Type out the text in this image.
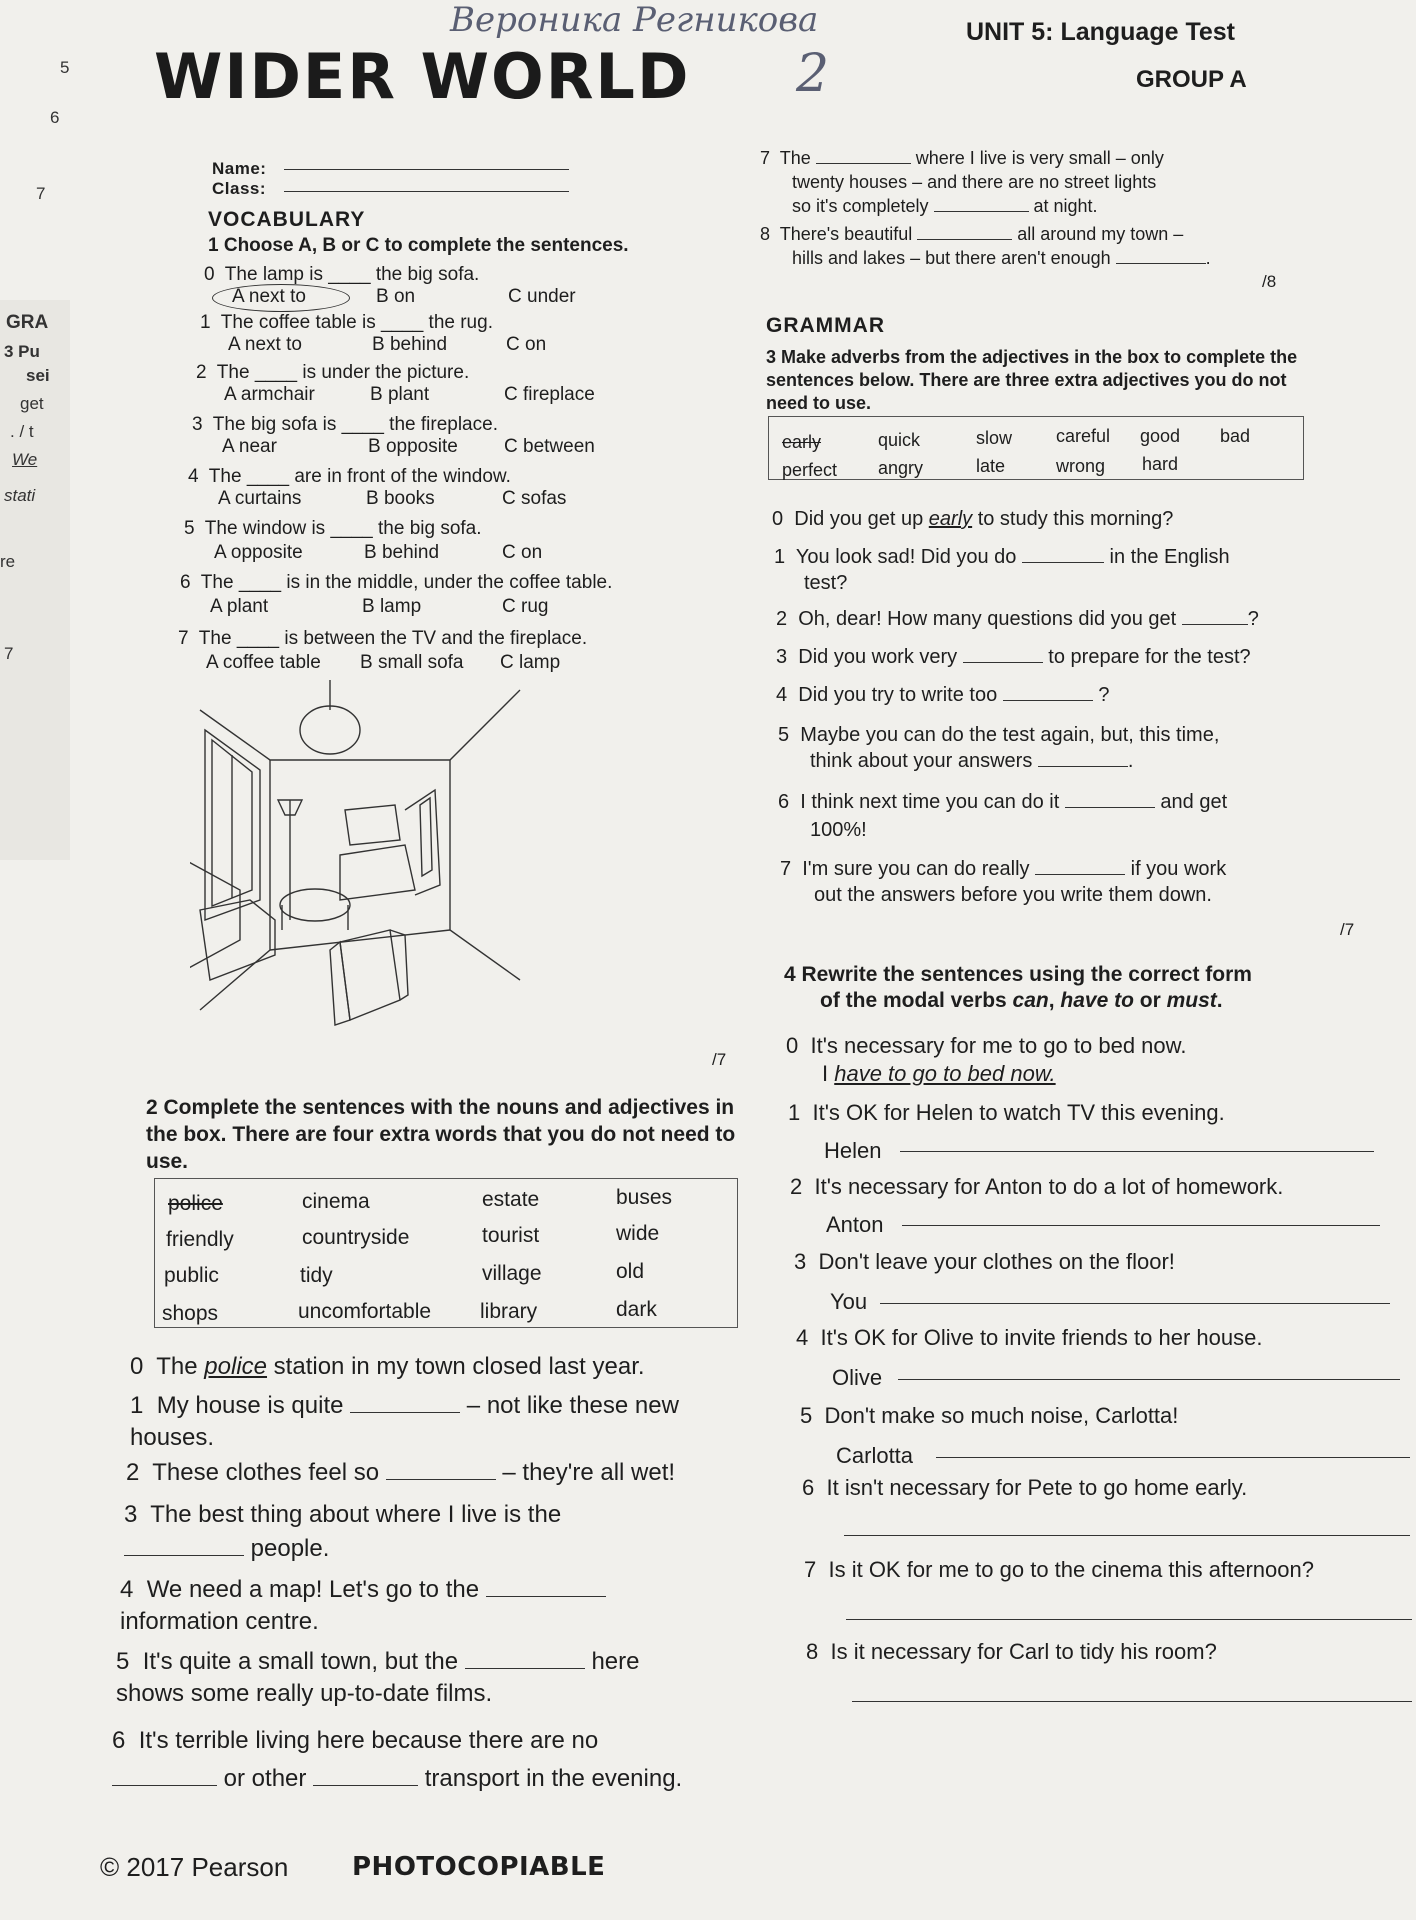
5
6
7
GRA
3 Pu
sei
get
. / t
We
stati
re
7
Вероника Регникова
WIDER WORLD 2
UNIT 5: Language Test
GROUP A
Name:
Class:
VOCABULARY
1 Choose A, B or C to complete the sentences.
0 The lamp is ____ the big sofa.
A next to	B on	C under
1 The coffee table is ____ the rug.
A next to	B behind	C on
2 The ____ is under the picture.
A armchair	B plant	C fireplace
3 The big sofa is ____ the fireplace.
A near	B opposite C between
4 The ____ are in front of the window.
A curtains	B books	C sofas
5 The window is ____ the big sofa.
A opposite	B behind	C on
6 The ____ is in the middle, under the coffee table.
A plant	B lamp	C rug
7 The ____ is between the TV and the fireplace.
A coffee table B small sofa C lamp
/7
2 Complete the sentences with the nouns and adjectives in the box. There are four extra words that you do not need to use.
police	cinema	estate	buses
friendly	countryside	tourist	wide
public	tidy	village	old
shops	uncomfortable library	dark
0 The police station in my town closed last year.
1 My house is quite	– not like these new houses.
2 These clothes feel so	– they're all wet!
3 The best thing about where I live is the  people.
4 We need a map! Let's go to the  information centre.
5 It's quite a small town, but the	here shows some really up-to-date films.
6 It's terrible living here because there are no  or other	transport in the evening.
© 2017 Pearson PHOTOCOPIABLE
7 The	where I live is very small – only
twenty houses – and there are no street lights
so it's completely	at night.
8 There's beautiful	all around my town –
hills and lakes – but there aren't enough	.
/8
GRAMMAR
3 Make adverbs from the adjectives in the box to complete the sentences below. There are three extra adjectives you do not need to use.
early	quick	slow careful good bad
perfect angry	late	wrong hard
0 Did you get up early to study this morning?
1 You look sad! Did you do	in the English
test?
2 Oh, dear! How many questions did you get	?
3 Did you work very	to prepare for the test?
4 Did you try to write too	?
5 Maybe you can do the test again, but, this time,
think about your answers	.
6 I think next time you can do it	and get
100%!
7 I'm sure you can do really	if you work
out the answers before you write them down.
/7
4 Rewrite the sentences using the correct form
of the modal verbs can, have to or must.
0 It's necessary for me to go to bed now.
I have to go to bed now.
1 It's OK for Helen to watch TV this evening.
Helen
2 It's necessary for Anton to do a lot of homework.
Anton
3 Don't leave your clothes on the floor!
You
4 It's OK for Olive to invite friends to her house.
Olive
5 Don't make so much noise, Carlotta!
Carlotta
6 It isn't necessary for Pete to go home early.
7 Is it OK for me to go to the cinema this afternoon?
8 Is it necessary for Carl to tidy his room?
